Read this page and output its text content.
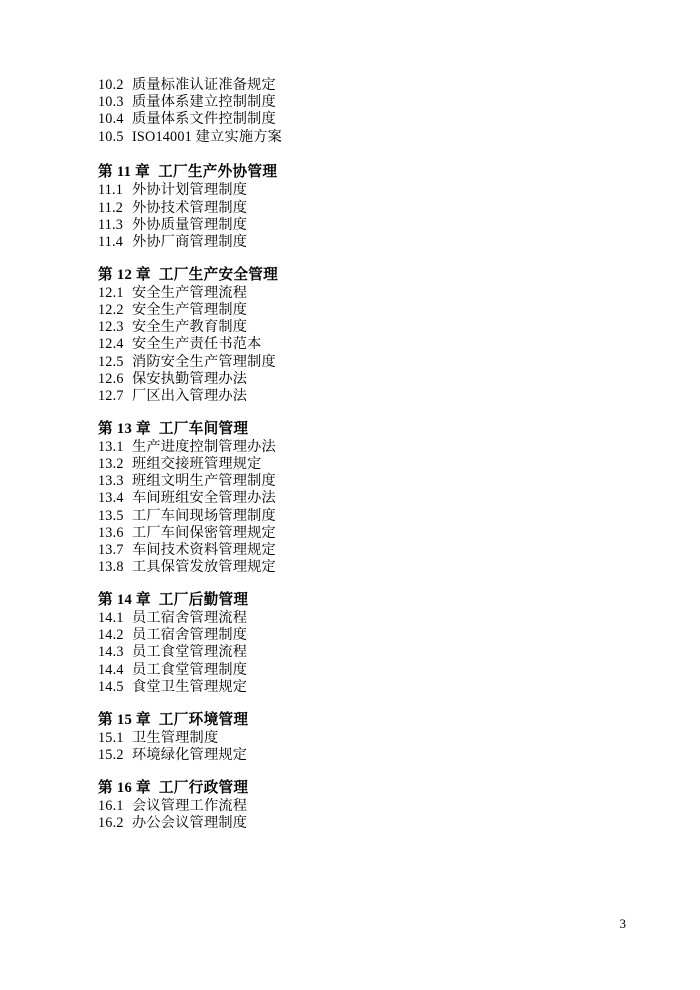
10.2 质量标准认证准备规定
10.3 质量体系建立控制制度
10.4 质量体系文件控制制度
10.5 ISO14001 建立实施方案
第 11 章 工厂生产外协管理
11.1 外协计划管理制度
11.2 外协技术管理制度
11.3 外协质量管理制度
11.4 外协厂商管理制度
第 12 章 工厂生产安全管理
12.1 安全生产管理流程
12.2 安全生产管理制度
12.3 安全生产教育制度
12.4 安全生产责任书范本
12.5 消防安全生产管理制度
12.6 保安执勤管理办法
12.7 厂区出入管理办法
第 13 章 工厂车间管理
13.1 生产进度控制管理办法
13.2 班组交接班管理规定
13.3 班组文明生产管理制度
13.4 车间班组安全管理办法
13.5 工厂车间现场管理制度
13.6 工厂车间保密管理规定
13.7 车间技术资料管理规定
13.8 工具保管发放管理规定
第 14 章 工厂后勤管理
14.1 员工宿舍管理流程
14.2 员工宿舍管理制度
14.3 员工食堂管理流程
14.4 员工食堂管理制度
14.5 食堂卫生管理规定
第 15 章 工厂环境管理
15.1 卫生管理制度
15.2 环境绿化管理规定
第 16 章 工厂行政管理
16.1 会议管理工作流程
16.2 办公会议管理制度
3
